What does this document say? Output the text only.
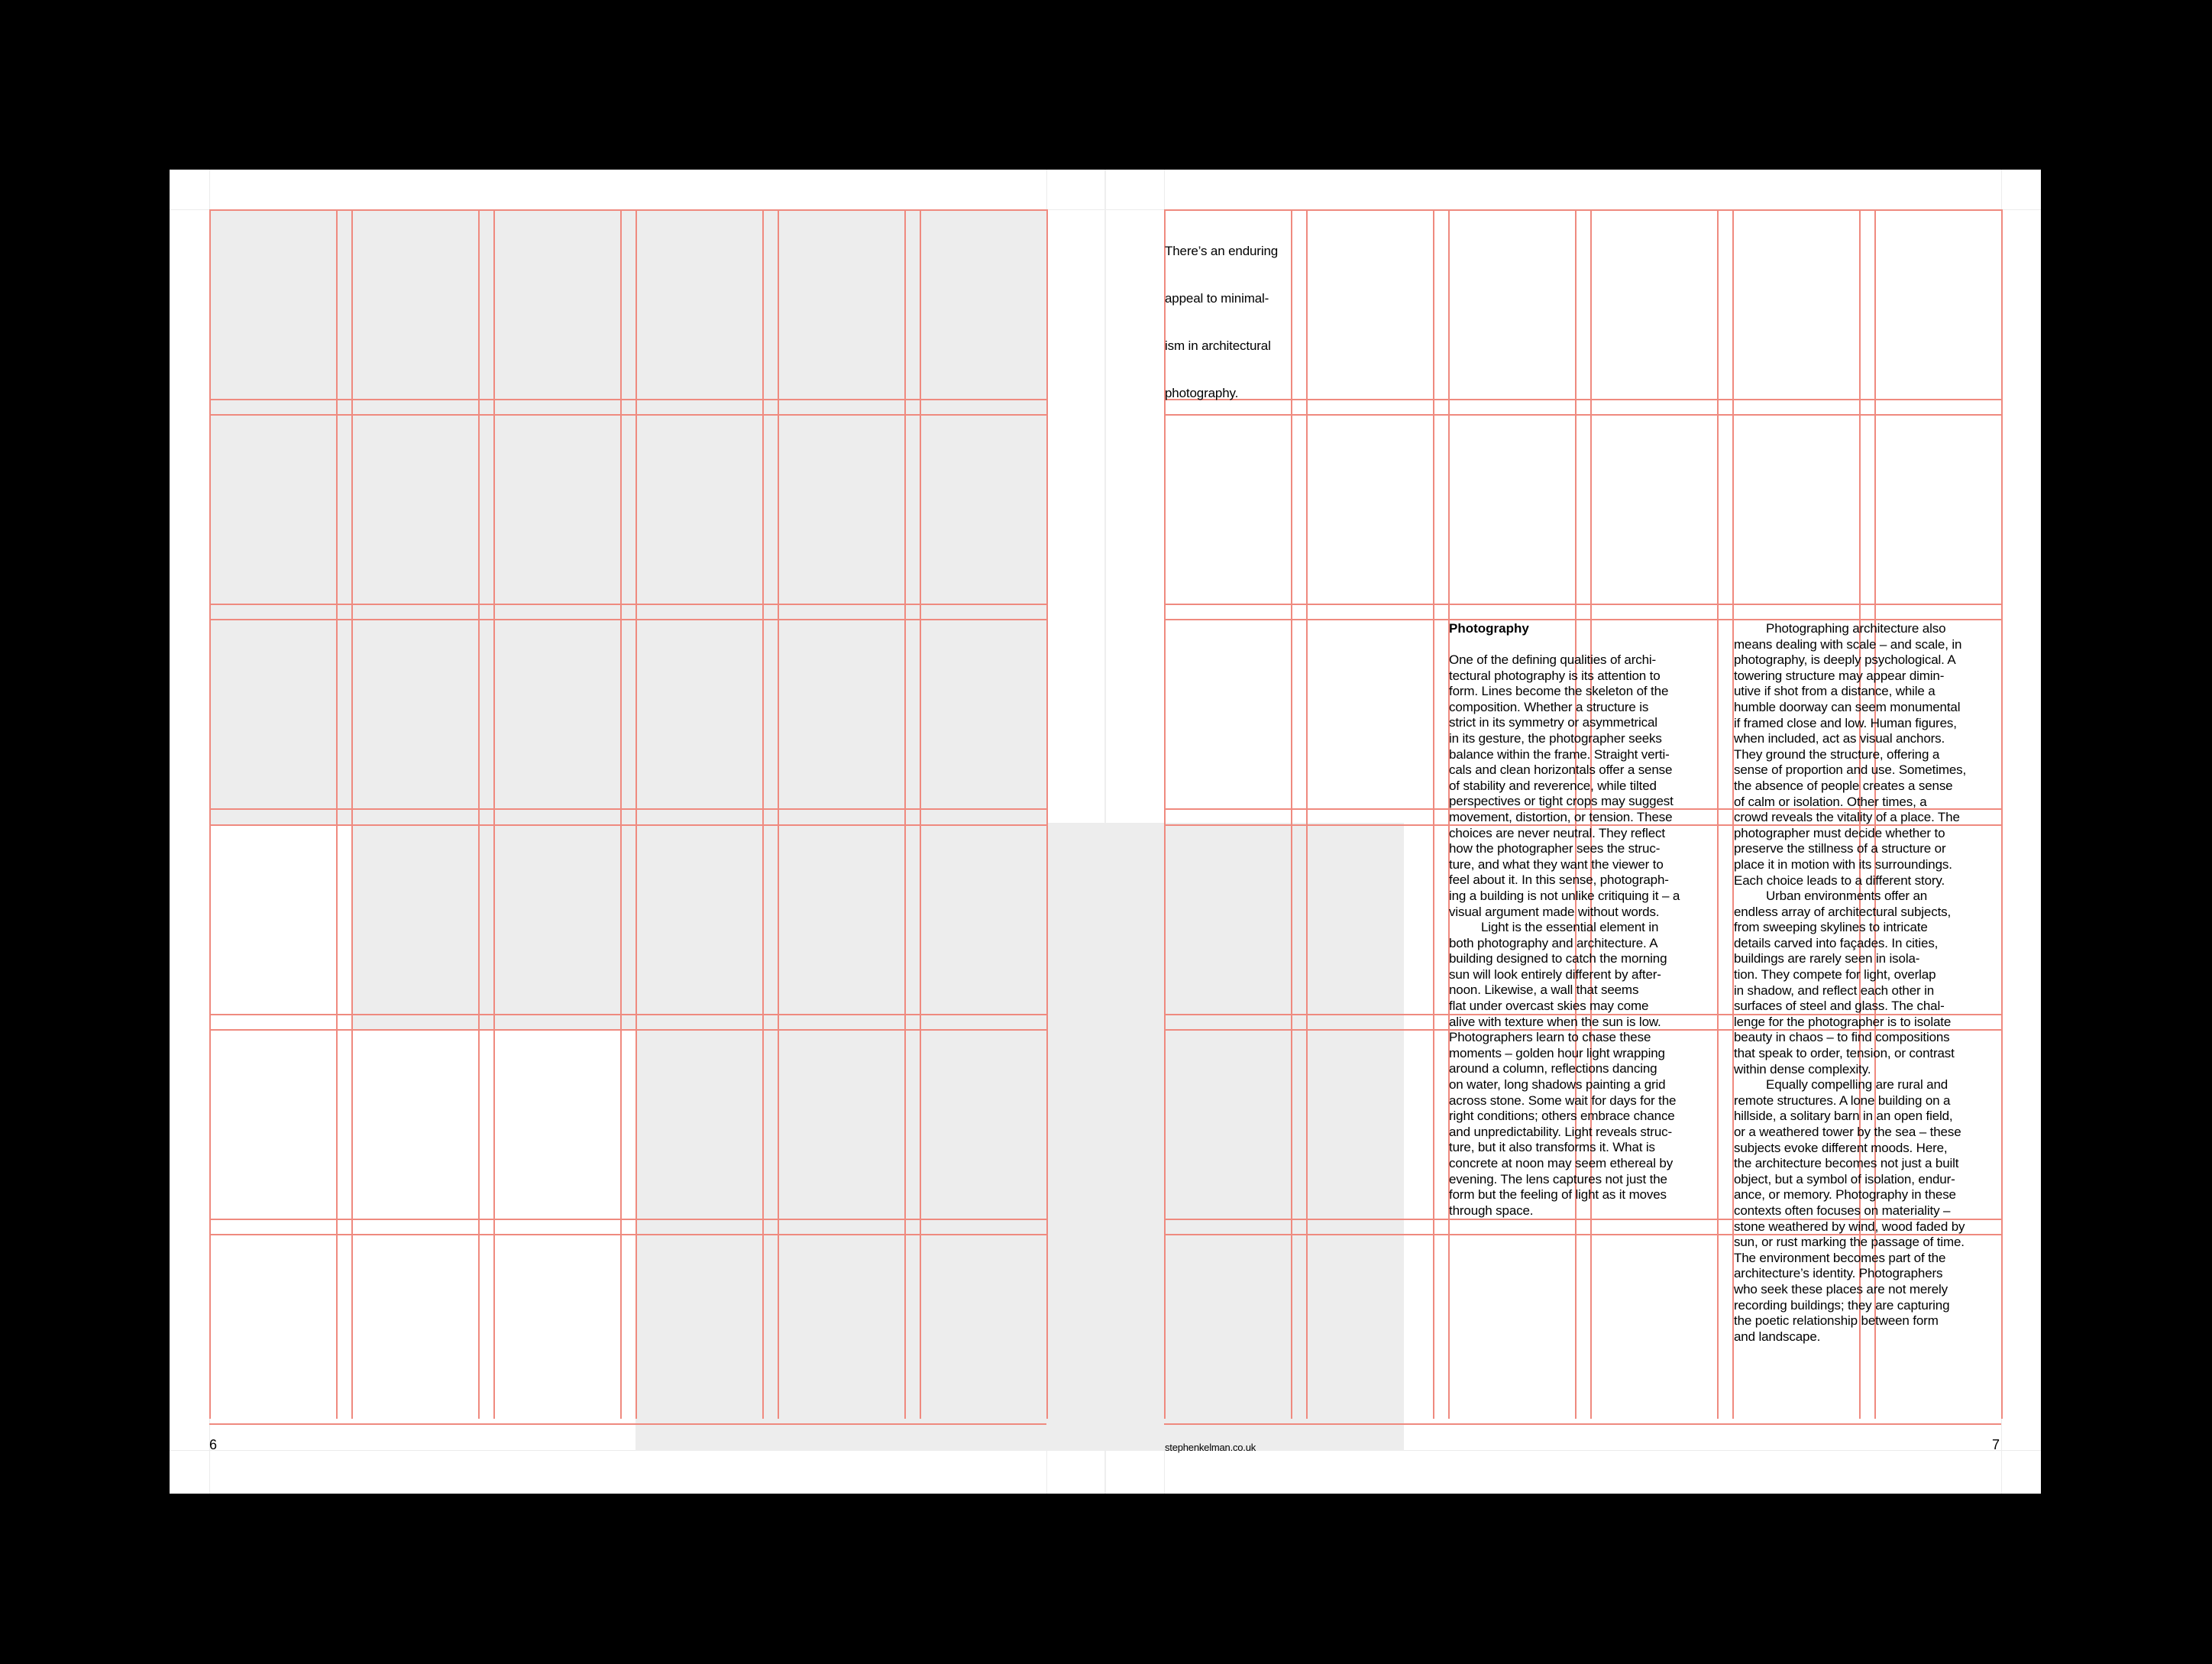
There’s an enduring

appeal to minimal-

ism in architectural

photography.

Photography
One of the defining qualities of archi-
tectural photography is its attention to
form. Lines become the skeleton of the
composition. Whether a structure is
strict in its symmetry or asymmetrical
in its gesture, the photographer seeks
balance within the frame. Straight verti-
cals and clean horizontals offer a sense
of stability and reverence, while tilted
perspectives or tight crops may suggest
movement, distortion, or tension. These
choices are never neutral. They reflect
how the photographer sees the struc-
ture, and what they want the viewer to
feel about it. In this sense, photograph-
ing a building is not unlike critiquing it – a
visual argument made without words.
Light is the essential element in
both photography and architecture. A
building designed to catch the morning
sun will look entirely different by after-
noon. Likewise, a wall that seems
flat under overcast skies may come
alive with texture when the sun is low.
Photographers learn to chase these
moments – golden hour light wrapping
around a column, reflections dancing
on water, long shadows painting a grid
across stone. Some wait for days for the
right conditions; others embrace chance
and unpredictability. Light reveals struc-
ture, but it also transforms it. What is
concrete at noon may seem ethereal by
evening. The lens captures not just the
form but the feeling of light as it moves
through space.
Photographing architecture also
means dealing with scale – and scale, in
photography, is deeply psychological. A
towering structure may appear dimin-
utive if shot from a distance, while a
humble doorway can seem monumental
if framed close and low. Human figures,
when included, act as visual anchors.
They ground the structure, offering a
sense of proportion and use. Sometimes,
the absence of people creates a sense
of calm or isolation. Other times, a
crowd reveals the vitality of a place. The
photographer must decide whether to
preserve the stillness of a structure or
place it in motion with its surroundings.
Each choice leads to a different story.
Urban environments offer an
endless array of architectural subjects,
from sweeping skylines to intricate
details carved into façades. In cities,
buildings are rarely seen in isola-
tion. They compete for light, overlap
in shadow, and reflect each other in
surfaces of steel and glass. The chal-
lenge for the photographer is to isolate
beauty in chaos – to find compositions
that speak to order, tension, or contrast
within dense complexity.
Equally compelling are rural and
remote structures. A lone building on a
hillside, a solitary barn in an open field,
or a weathered tower by the sea – these
subjects evoke different moods. Here,
the architecture becomes not just a built
object, but a symbol of isolation, endur-
ance, or memory. Photography in these
contexts often focuses on materiality –
stone weathered by wind, wood faded by
sun, or rust marking the passage of time.
The environment becomes part of the
architecture’s identity. Photographers
who seek these places are not merely
recording buildings; they are capturing
the poetic relationship between form
and landscape.
6	stephenkelman.co.uk	7
